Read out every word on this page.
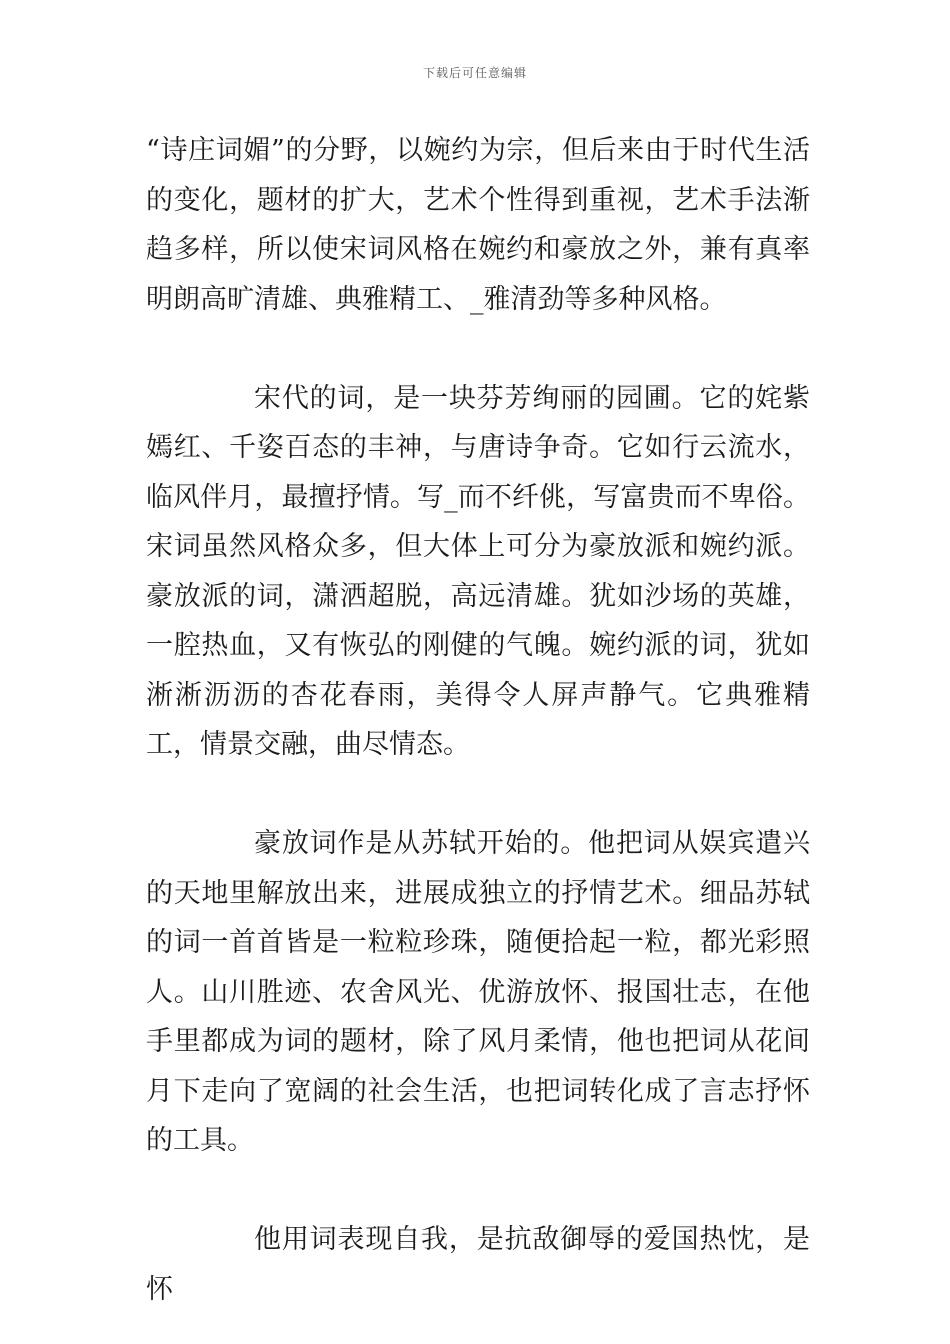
下载后可任意编辑

“诗庄词媚”的分野，以婉约为宗，但后来由于时代生活的变化，题材的扩大，艺术个性得到重视，艺术手法渐趋多样，所以使宋词风格在婉约和豪放之外，兼有真率明朗高旷清雄、典雅精工、_雅清劲等多种风格。

宋代的词，是一块芬芳绚丽的园圃。它的姹紫嫣红、千姿百态的丰神，与唐诗争奇。它如行云流水，临风伴月，最擅抒情。写_而不纤佻，写富贵而不卑俗。宋词虽然风格众多，但大体上可分为豪放派和婉约派。豪放派的词，潇洒超脱，高远清雄。犹如沙场的英雄，一腔热血，又有恢弘的刚健的气魄。婉约派的词，犹如淅淅沥沥的杏花春雨，美得令人屏声静气。它典雅精工，情景交融，曲尽情态。

豪放词作是从苏轼开始的。他把词从娱宾遣兴的天地里解放出来，进展成独立的抒情艺术。细品苏轼的词一首首皆是一粒粒珍珠，随便拾起一粒，都光彩照人。山川胜迹、农舍风光、优游放怀、报国壮志，在他手里都成为词的题材，除了风月柔情，他也把词从花间月下走向了宽阔的社会生活，也把词转化成了言志抒怀的工具。

他用词表现自我，是抗敌御辱的爱国热忱，是怀
